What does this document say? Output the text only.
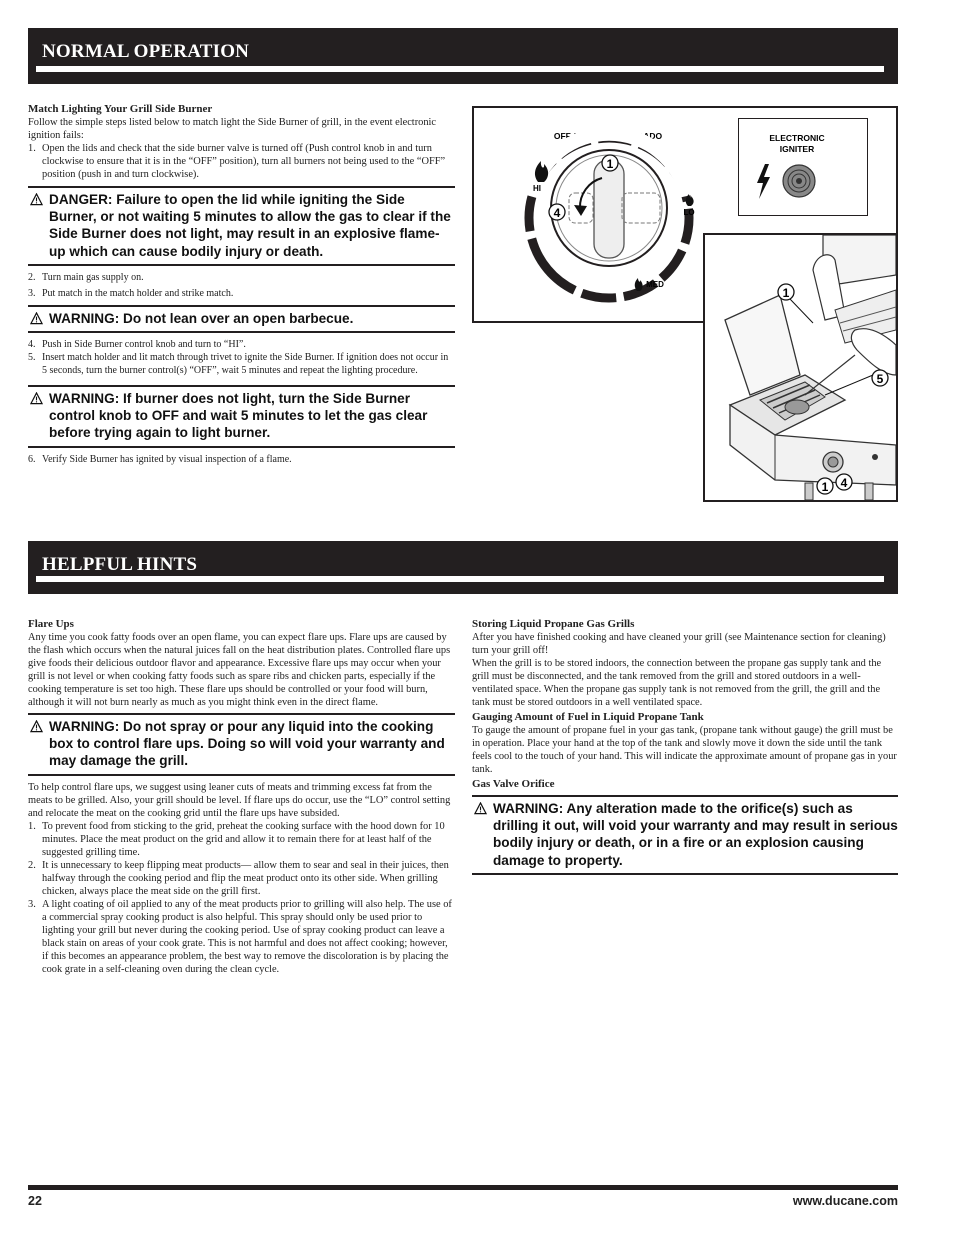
NORMAL OPERATION

Match Lighting Your Grill Side Burner

Follow the simple steps listed below to match light the Side Burner of grill, in the event electronic ignition fails:

1. Open the lids and check that the side burner valve is turned off (Push control knob in and turn clockwise to ensure that it is in the “OFF” position), turn all burners not being used to the “OFF” position (push in and turn clockwise).
DANGER: Failure to open the lid while igniting the Side Burner, or not waiting 5 minutes to allow the gas to clear if the Side Burner does not light, may result in an explosive flame-up which can cause bodily injury or death.
2. Turn main gas supply on.
3. Put match in the match holder and strike match.
WARNING: Do not lean over an open barbecue.
4. Push in Side Burner control knob and turn to “HI”.
5. Insert match holder and lit match through trivet to ignite the Side Burner. If ignition does not occur in 5 seconds, turn the burner control(s) “OFF”, wait 5 minutes and repeat the lighting procedure.
WARNING: If burner does not light, turn the Side Burner control knob to OFF and wait 5 minutes to let the gas clear before trying again to light burner.
6. Verify Side Burner has ignited by visual inspection of a flame.
OFF / ARRÊTÉ / APAGADO
1
4
HI
LO
MED
ELECTRONIC
IGNITER
1
5
1 4
HELPFUL HINTS

Flare Ups

Any time you cook fatty foods over an open flame, you can expect flare ups. Flare ups are caused by the flash which occurs when the natural juices fall on the heat distribution plates. Controlled flare ups give foods their delicious outdoor flavor and appearance. Excessive flare ups may occur when your grill is not level or when cooking fatty foods such as spare ribs and chicken parts, especially if the cooking temperature is set too high. These flare ups should be controlled or your food will burn, although it will not burn nearly as much as you might think even in the direct flame.

WARNING: Do not spray or pour any liquid into the cooking box to control flare ups. Doing so will void your warranty and may damage the grill.

To help control flare ups, we suggest using leaner cuts of meats and trimming excess fat from the meats to be grilled. Also, your grill should be level. If flare ups do occur, use the “LO” control setting and relocate the meat on the cooking grid until the flare ups have subsided.

1. To prevent food from sticking to the grid, preheat the cooking surface with the hood down for 10 minutes. Place the meat product on the grid and allow it to remain there for at least half of the suggested grilling time.
2. It is unnecessary to keep flipping meat products— allow them to sear and seal in their juices, then halfway through the cooking period and flip the meat product onto its other side. When grilling chicken, always place the meat side on the grill first.
3. A light coating of oil applied to any of the meat products prior to grilling will also help. The use of a commercial spray cooking product is also helpful. This spray should only be used prior to lighting your grill but never during the cooking period. Use of spray cooking product can leave a black stain on areas of your cook grate. This is not harmful and does not affect cooking; however, if this becomes an appearance problem, the best way to remove the discoloration is by placing the cook grate in a self-cleaning oven during the clean cycle.

Storing Liquid Propane Gas Grills

After you have finished cooking and have cleaned your grill (see Maintenance section for cleaning) turn your grill off!

When the grill is to be stored indoors, the connection between the propane gas supply tank and the grill must be disconnected, and the tank removed from the grill and stored outdoors in a well-ventilated space. When the propane gas supply tank is not removed from the grill, the grill and the tank must be stored outdoors in a well ventilated space.

Gauging Amount of Fuel in Liquid Propane Tank

To gauge the amount of propane fuel in your gas tank, (propane tank without gauge) the grill must be in operation. Place your hand at the top of the tank and slowly move it down the side until the tank feels cool to the touch of your hand. This will indicate the approximate amount of propane gas in your tank.

Gas Valve Orifice

WARNING: Any alteration made to the orifice(s) such as drilling it out, will void your warranty and may result in serious bodily injury or death, or in a fire or an explosion causing damage to property.
22	www.ducane.com
